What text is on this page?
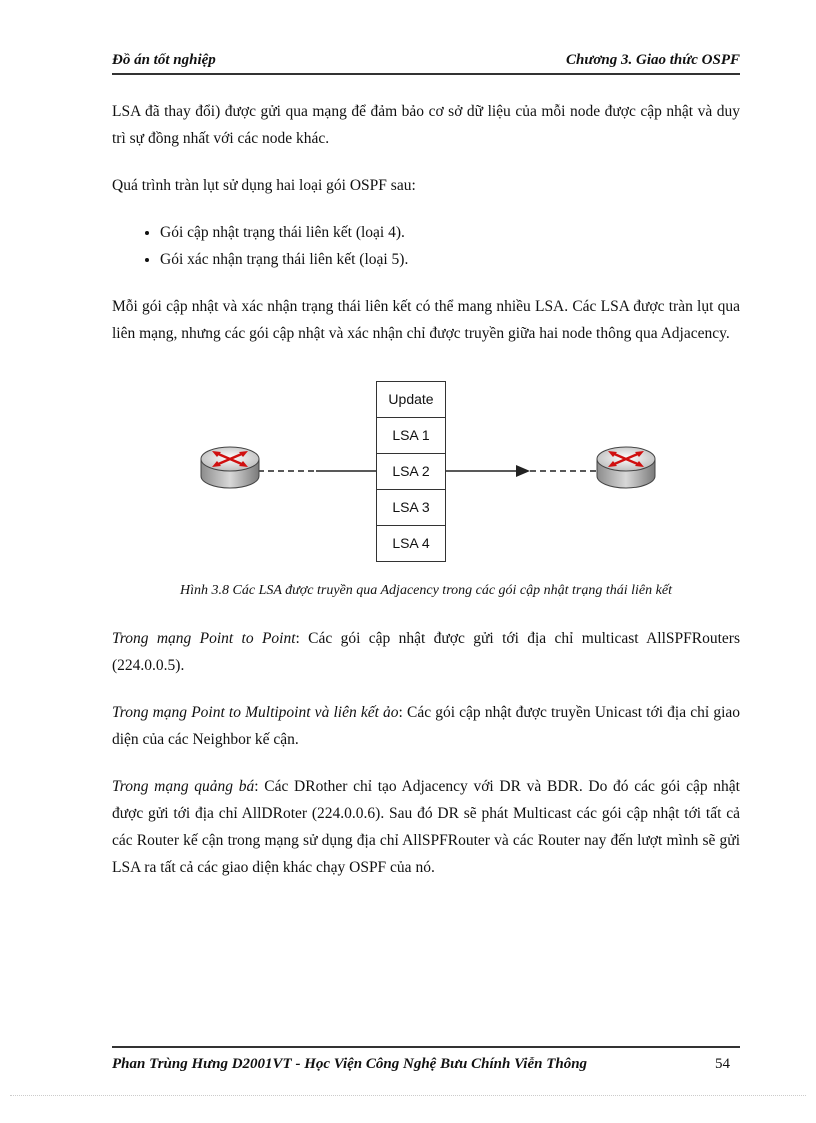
Đồ án tốt nghiệp	Chương 3. Giao thức OSPF

LSA đã thay đổi) được gửi qua mạng để đảm bảo cơ sở dữ liệu của mỗi node được cập nhật và duy trì sự đồng nhất với các node khác.

Quá trình tràn lụt sử dụng hai loại gói OSPF sau:

• Gói cập nhật trạng thái liên kết (loại 4).
• Gói xác nhận trạng thái liên kết (loại 5).

Mỗi gói cập nhật và xác nhận trạng thái liên kết có thể mang nhiều LSA. Các LSA được tràn lụt qua liên mạng, nhưng các gói cập nhật và xác nhận chỉ được truyền giữa hai node thông qua Adjacency.

Update
LSA 1
LSA 2
LSA 3
LSA 4
Hình 3.8 Các LSA được truyền qua Adjacency trong các gói cập nhật trạng thái liên kết

Trong mạng Point to Point: Các gói cập nhật được gửi tới địa chỉ multicast AllSPFRouters (224.0.0.5).

Trong mạng Point to Multipoint và liên kết ảo: Các gói cập nhật được truyền Unicast tới địa chỉ giao diện của các Neighbor kế cận.

Trong mạng quảng bá: Các DRother chỉ tạo Adjacency với DR và BDR. Do đó các gói cập nhật được gửi tới địa chỉ AllDRoter (224.0.0.6). Sau đó DR sẽ phát Multicast các gói cập nhật tới tất cả các Router kế cận trong mạng sử dụng địa chỉ AllSPFRouter và các Router nay đến lượt mình sẽ gửi LSA ra tất cả các giao diện khác chạy OSPF của nó.

Phan Trùng Hưng D2001VT - Học Viện Công Nghệ Bưu Chính Viễn Thông	54
